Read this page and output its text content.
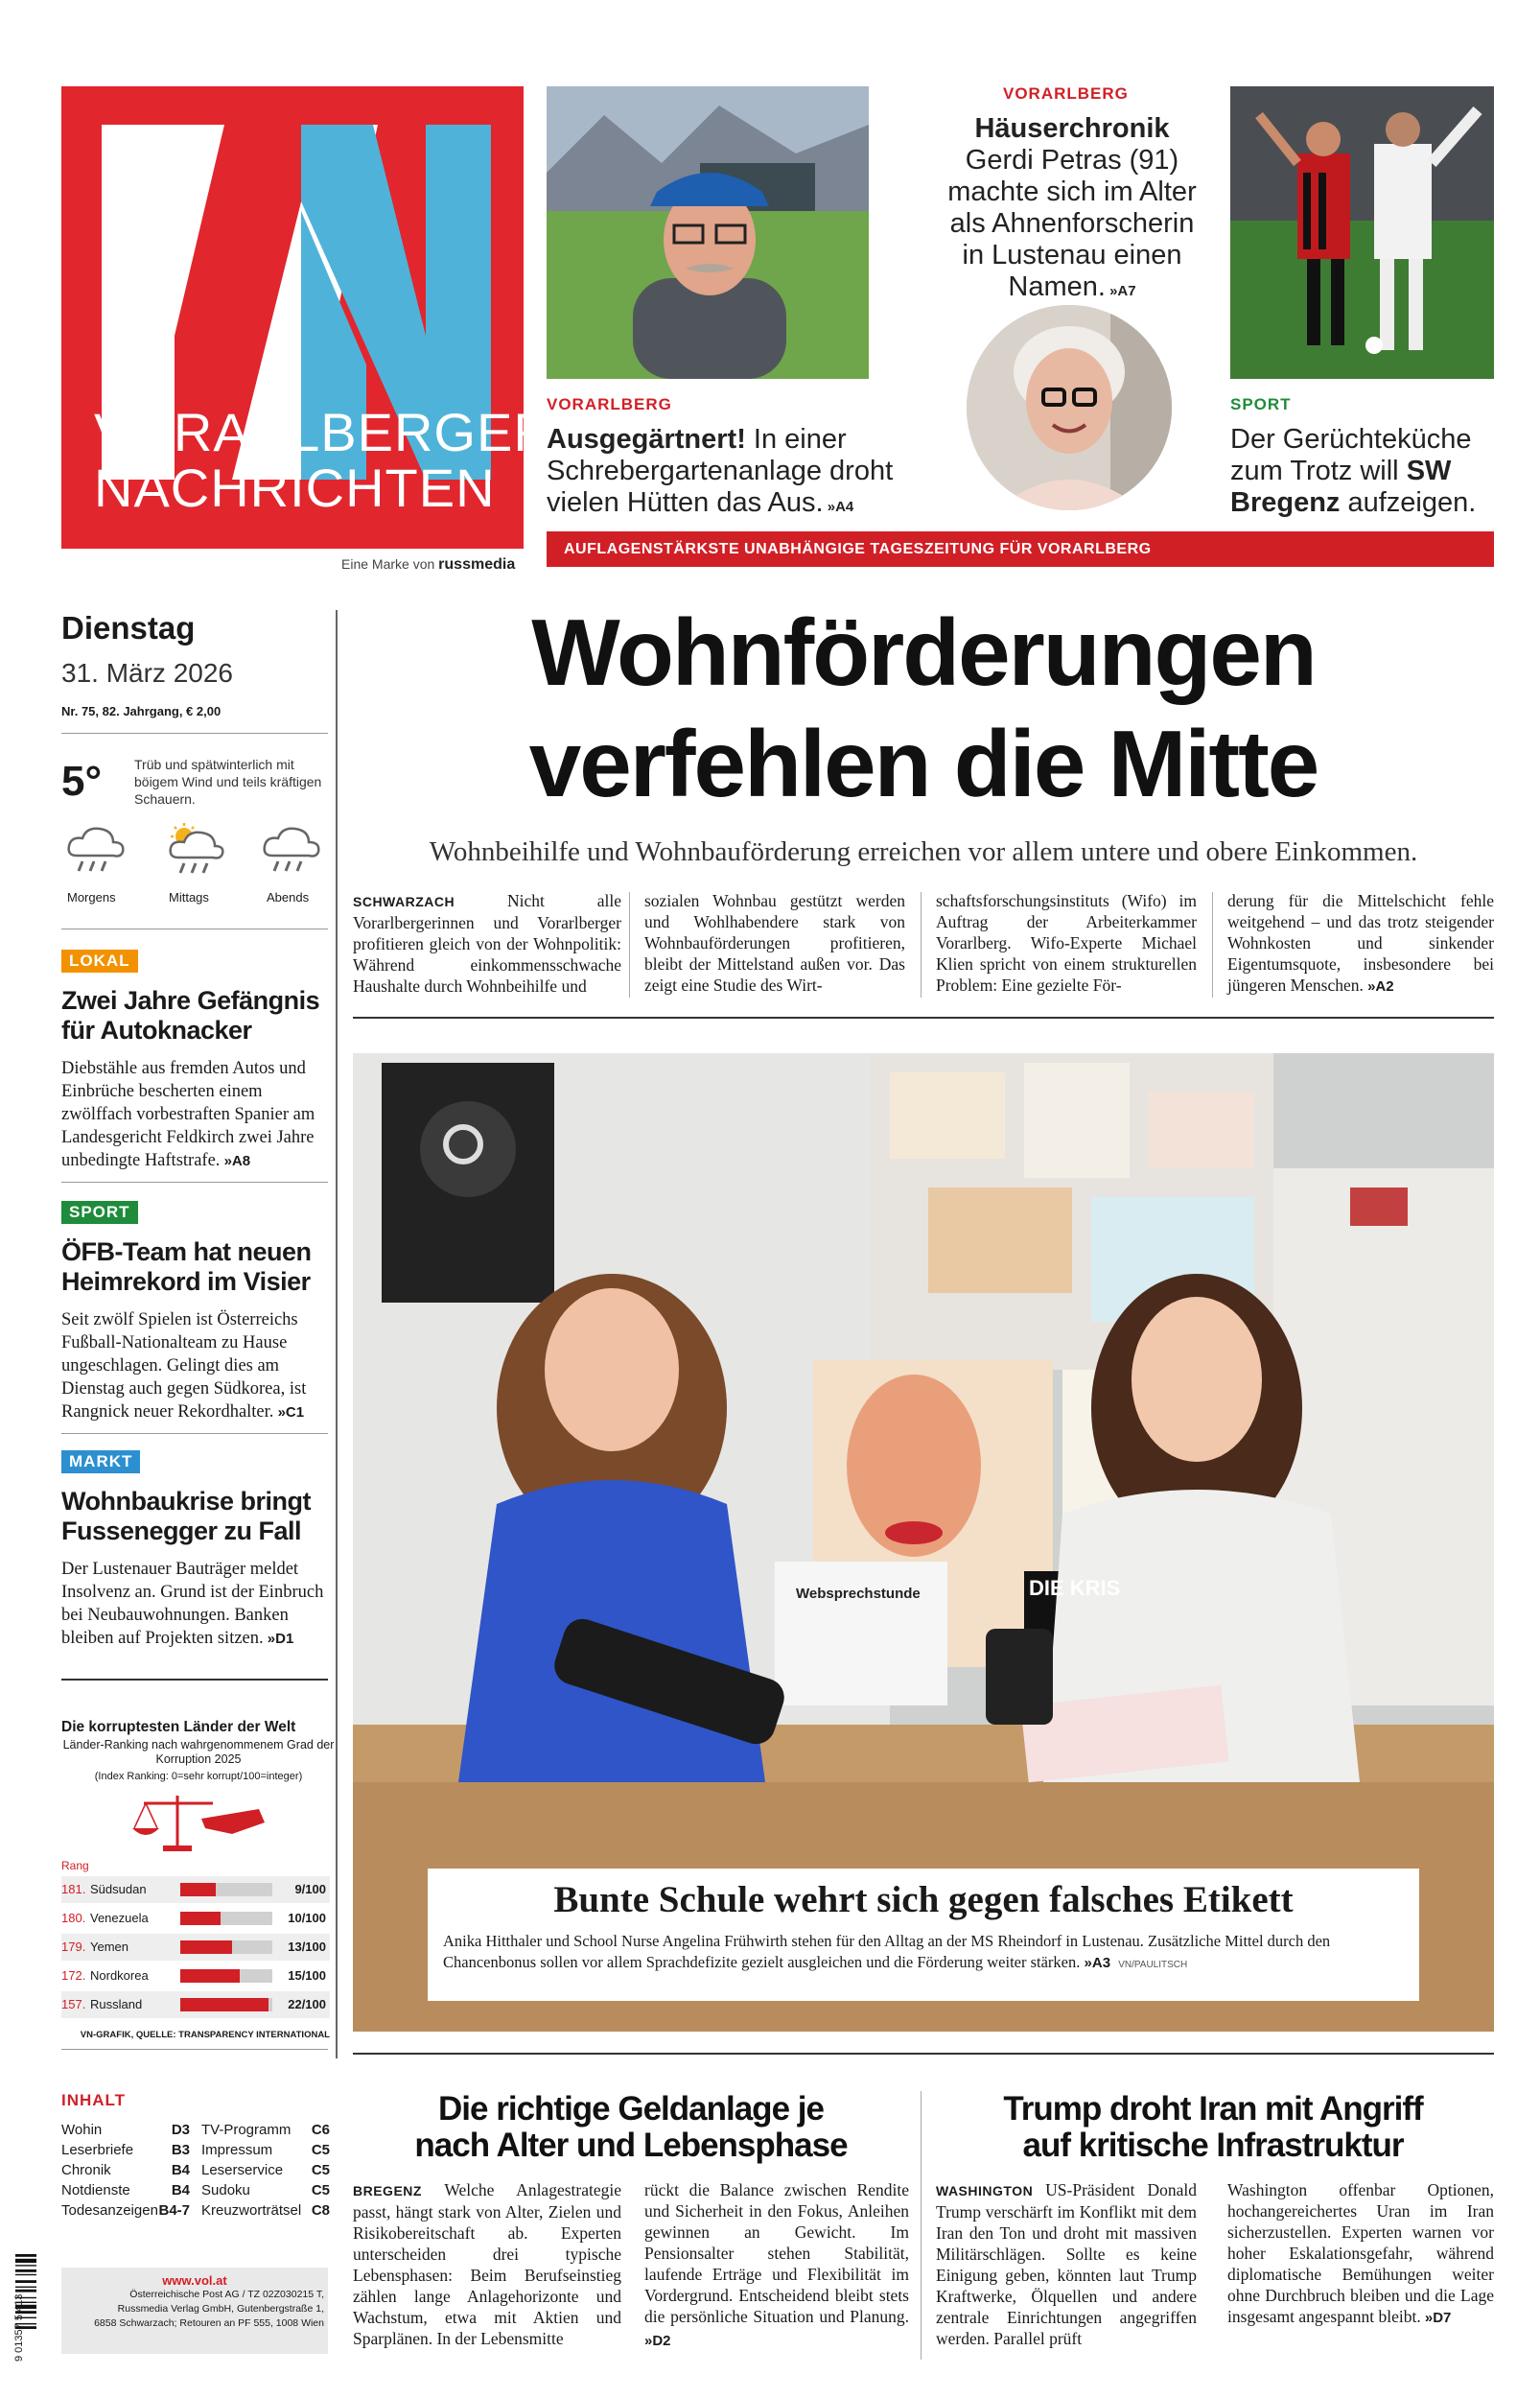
VORARLBERGER
NACHRICHTEN
Eine Marke von russmedia
VORARLBERG
Ausgegärtnert! In einer Schrebergartenanlage droht vielen Hütten das Aus. »A4
VORARLBERG
Häuserchronik
Gerdi Petras (91) machte sich im Alter als Ahnenforscherin in Lustenau einen Namen. »A7
SPORT
Der Gerüchteküche zum Trotz will SW Bregenz aufzeigen.
AUFLAGENSTÄRKSTE UNABHÄNGIGE TAGESZEITUNG FÜR VORARLBERG
Dienstag
31. März 2026
Nr. 75, 82. Jahrgang, € 2,00
5° Trüb und spätwinterlich mit böigem Wind und teils kräftigen Schauern.
Morgens	Mittags	Abends
LOKAL
Zwei Jahre Gefängnis für Autoknacker
Diebstähle aus fremden Autos und Einbrüche bescherten einem zwölffach vorbestraften Spanier am Landesgericht Feldkirch zwei Jahre unbedingte Haftstrafe. »A8
SPORT
ÖFB-Team hat neuen Heimrekord im Visier
Seit zwölf Spielen ist Österreichs Fußball-Nationalteam zu Hause ungeschlagen. Gelingt dies am Dienstag auch gegen Südkorea, ist Rangnick neuer Rekordhalter. »C1
MARKT
Wohnbaukrise bringt Fussenegger zu Fall
Der Lustenauer Bauträger meldet Insolvenz an. Grund ist der Einbruch bei Neubauwohnungen. Banken bleiben auf Projekten sitzen. »D1
Die korruptesten Länder der Welt
Länder-Ranking nach wahrgenommenem Grad der Korruption 2025
(Index Ranking: 0=sehr korrupt/100=integer)
Rang
181. Südsudan	9/100
180. Venezuela	10/100
179. Yemen	13/100
172. Nordkorea	15/100
157. Russland	22/100
VN-GRAFIK, QUELLE: TRANSPARENCY INTERNATIONAL
INHALT
Wohin	D3
Leserbriefe	B3
Chronik	B4
Notdienste	B4
Todesanzeigen	B4-7
TV-Programm	C6
Impressum	C5
Leserservice	C5
Sudoku	C5
Kreuzworträtsel	C8
9 01357 5 413
www.vol.at
Österreichische Post AG / TZ 02Z030215 T,
Russmedia Verlag GmbH, Gutenbergstraße 1,
6858 Schwarzach; Retouren an PF 555, 1008 Wien
Wohnförderungen
verfehlen die Mitte
Wohnbeihilfe und Wohnbauförderung erreichen vor allem untere und obere Einkommen.
SCHWARZACH Nicht alle Vorarlbergerinnen und Vorarlberger profitieren gleich von der Wohnpolitik: Während einkommensschwache Haushalte durch Wohnbeihilfe und
sozialen Wohnbau gestützt werden und Wohlhabendere stark von Wohnbauförderungen profitieren, bleibt der Mittelstand außen vor. Das zeigt eine Studie des Wirt-
schaftsforschungsinstituts (Wifo) im Auftrag der Arbeiterkammer Vorarlberg. Wifo-Experte Michael Klien spricht von einem strukturellen Problem: Eine gezielte För-
derung für die Mittelschicht fehle weitgehend – und das trotz steigender Wohnkosten und sinkender Eigentumsquote, insbesondere bei jüngeren Menschen. »A2
Websprechstunde	DIE KRIS
Bunte Schule wehrt sich gegen falsches Etikett
Anika Hitthaler und School Nurse Angelina Frühwirth stehen für den Alltag an der MS Rheindorf in Lustenau. Zusätzliche Mittel durch den Chancenbonus sollen vor allem Sprachdefizite gezielt ausgleichen und die Förderung weiter stärken. »A3 VN/PAULITSCH
Die richtige Geldanlage je
nach Alter und Lebensphase
BREGENZ Welche Anlagestrategie passt, hängt stark von Alter, Zielen und Risikobereitschaft ab. Experten unterscheiden drei typische Lebensphasen: Beim Berufseinstieg zählen lange Anlagehorizonte und Wachstum, etwa mit Aktien und Sparplänen. In der Lebensmitte
rückt die Balance zwischen Rendite und Sicherheit in den Fokus, Anleihen gewinnen an Gewicht. Im Pensionsalter stehen Stabilität, laufende Erträge und Flexibilität im Vordergrund. Entscheidend bleibt stets die persönliche Situation und Planung. »D2
Trump droht Iran mit Angriff
auf kritische Infrastruktur
WASHINGTON US-Präsident Donald Trump verschärft im Konflikt mit dem Iran den Ton und droht mit massiven Militärschlägen. Sollte es keine Einigung geben, könnten laut Trump Kraftwerke, Ölquellen und andere zentrale Einrichtungen angegriffen werden. Parallel prüft
Washington offenbar Optionen, hochangereichertes Uran im Iran sicherzustellen. Experten warnen vor hoher Eskalationsgefahr, während diplomatische Bemühungen weiter ohne Durchbruch bleiben und die Lage insgesamt angespannt bleibt. »D7
